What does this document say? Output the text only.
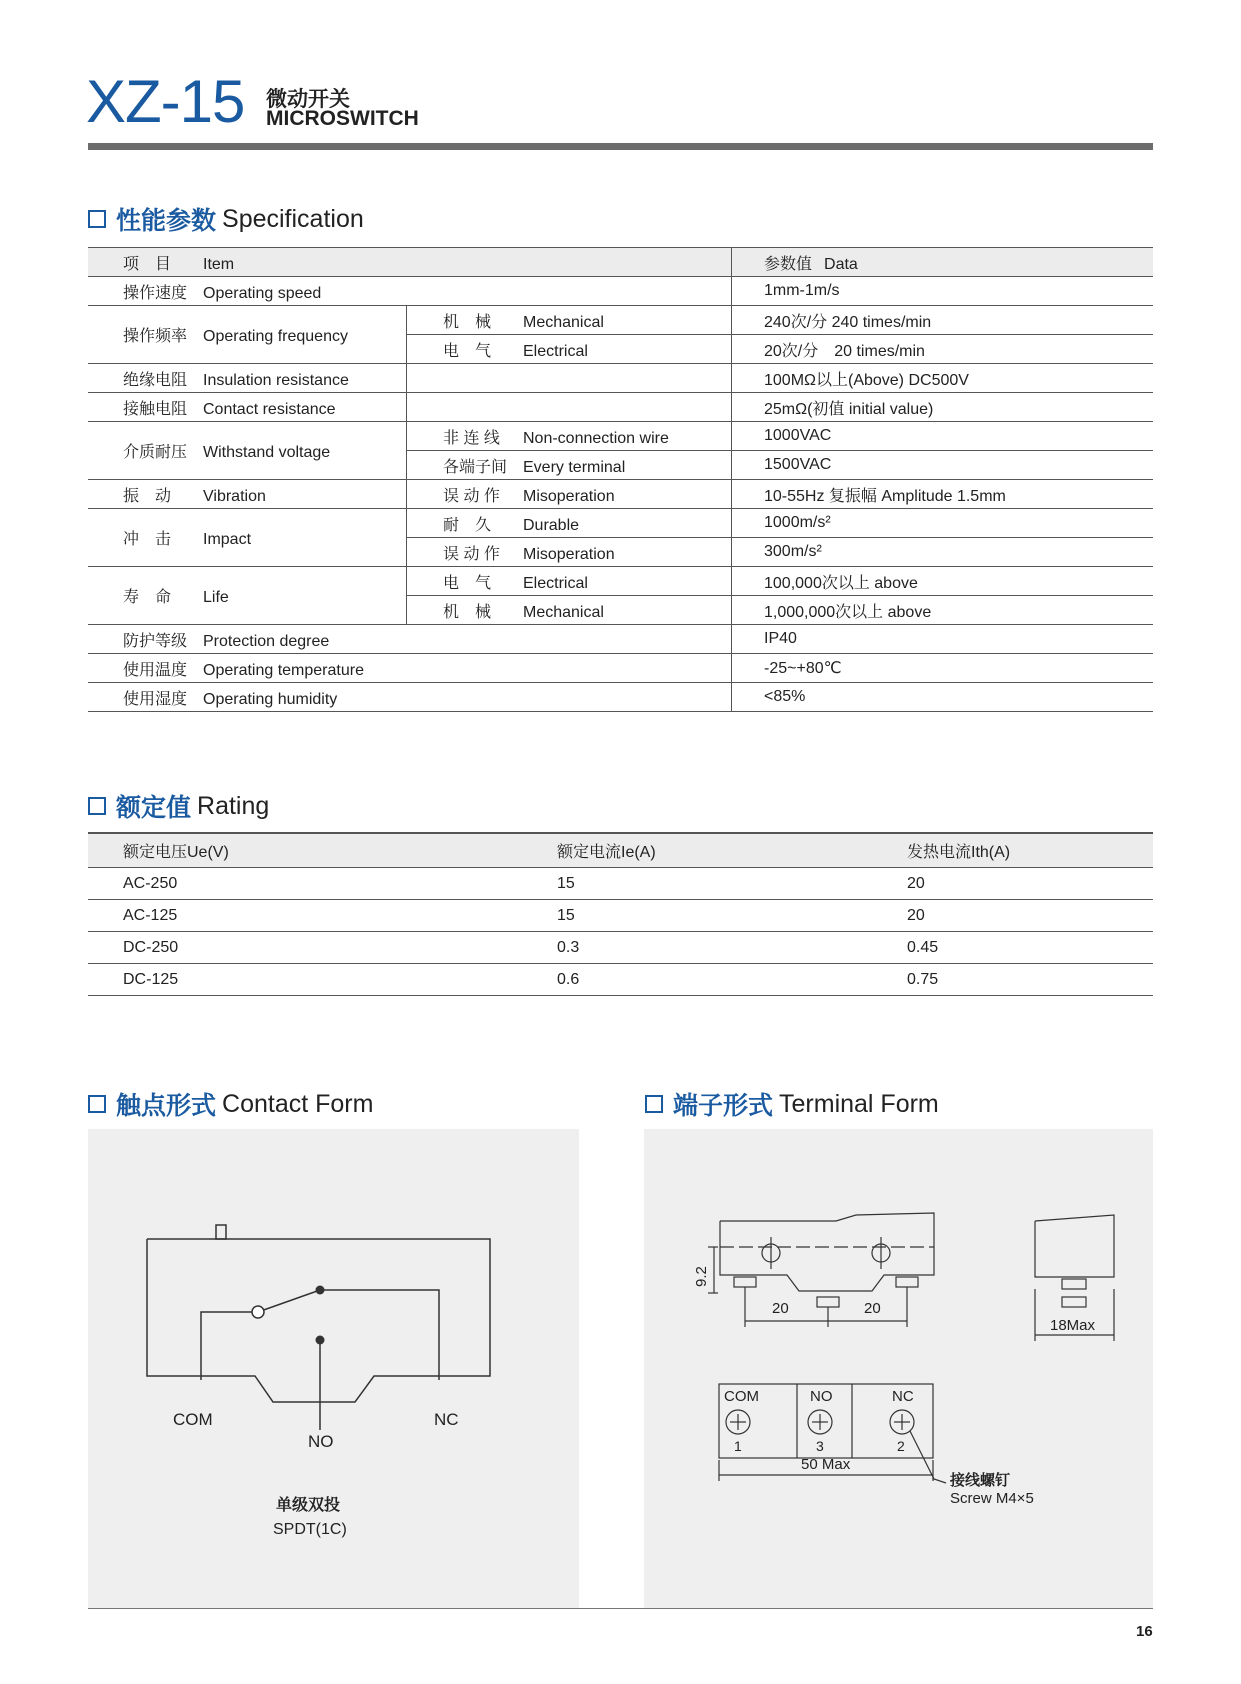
XZ-15 微动开关
MICROSWITCH
性能参数 Specification
项　目 Item		参数值 Data
操作速度 Operating speed		1mm-1m/s
操作频率 Operating frequency	机　械 Mechanical	240次/分 240 times/min
	电　气 Electrical	20次/分　20 times/min
绝缘电阻 Insulation resistance		100MΩ以上(Above) DC500V
接触电阻 Contact resistance		25mΩ(初值 initial value)
介质耐压 Withstand voltage	非 连 线 Non-connection wire	1000VAC
	各端子间 Every terminal	1500VAC
振　动 Vibration	误 动 作 Misoperation	10-55Hz 复振幅 Amplitude 1.5mm
冲　击 Impact	耐　久 Durable	1000m/s²
	误 动 作 Misoperation	300m/s²
寿　命 Life	电　气 Electrical	100,000次以上 above
	机　械 Mechanical	1,000,000次以上 above
防护等级 Protection degree		IP40
使用温度 Operating temperature		-25~+80℃
使用湿度 Operating humidity		<85%
额定值 Rating
额定电压Ue(V)	额定电流Ie(A)	发热电流Ith(A)
AC-250	15	20
AC-125	15	20
DC-250	0.3	0.45
DC-125	0.6	0.75
触点形式 Contact Form
COM
NO
NC
单级双投
SPDT(1C)
端子形式 Terminal Form
9.2
20	20
18Max
COM	NO	NC
1	3	2
50 Max
接线螺钉
Screw M4×5
16
